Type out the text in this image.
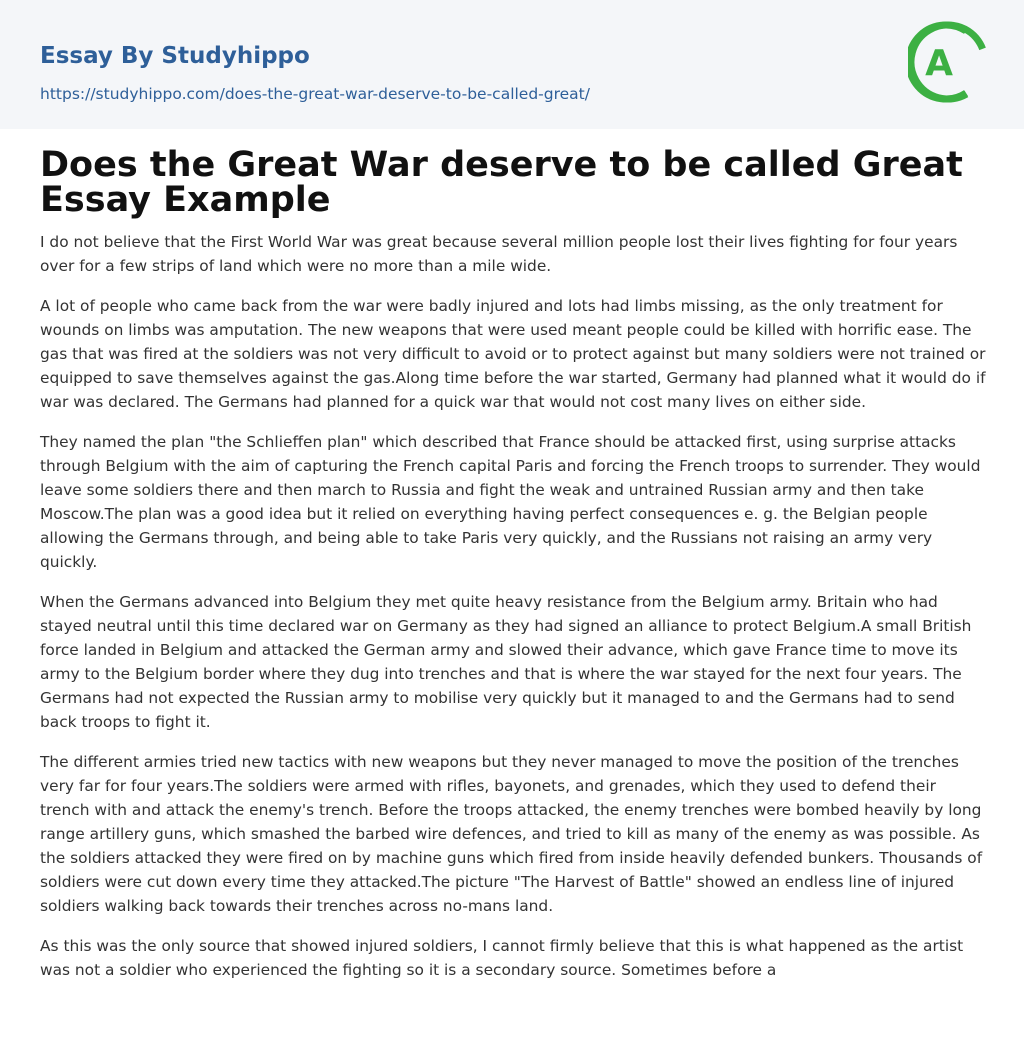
Essay By Studyhippo
https://studyhippo.com/does-the-great-war-deserve-to-be-called-great/
A
Does the Great War deserve to be called Great Essay Example

I do not believe that the First World War was great because several million people lost their lives fighting for four years over for a few strips of land which were no more than a mile wide.

A lot of people who came back from the war were badly injured and lots had limbs missing, as the only treatment for wounds on limbs was amputation. The new weapons that were used meant people could be killed with horrific ease. The gas that was fired at the soldiers was not very difficult to avoid or to protect against but many soldiers were not trained or equipped to save themselves against the gas.Along time before the war started, Germany had planned what it would do if war was declared. The Germans had planned for a quick war that would not cost many lives on either side.

They named the plan "the Schlieffen plan" which described that France should be attacked first, using surprise attacks through Belgium with the aim of capturing the French capital Paris and forcing the French troops to surrender. They would leave some soldiers there and then march to Russia and fight the weak and untrained Russian army and then take Moscow.The plan was a good idea but it relied on everything having perfect consequences e. g. the Belgian people allowing the Germans through, and being able to take Paris very quickly, and the Russians not raising an army very quickly.

When the Germans advanced into Belgium they met quite heavy resistance from the Belgium army. Britain who had stayed neutral until this time declared war on Germany as they had signed an alliance to protect Belgium.A small British force landed in Belgium and attacked the German army and slowed their advance, which gave France time to move its army to the Belgium border where they dug into trenches and that is where the war stayed for the next four years. The Germans had not expected the Russian army to mobilise very quickly but it managed to and the Germans had to send back troops to fight it.

The different armies tried new tactics with new weapons but they never managed to move the position of the trenches very far for four years.The soldiers were armed with rifles, bayonets, and grenades, which they used to defend their trench with and attack the enemy's trench. Before the troops attacked, the enemy trenches were bombed heavily by long range artillery guns, which smashed the barbed wire defences, and tried to kill as many of the enemy as was possible. As the soldiers attacked they were fired on by machine guns which fired from inside heavily defended bunkers. Thousands of soldiers were cut down every time they attacked.The picture "The Harvest of Battle" showed an endless line of injured soldiers walking back towards their trenches across no-mans land.

As this was the only source that showed injured soldiers, I cannot firmly believe that this is what happened as the artist was not a soldier who experienced the fighting so it is a secondary source. Sometimes before a
